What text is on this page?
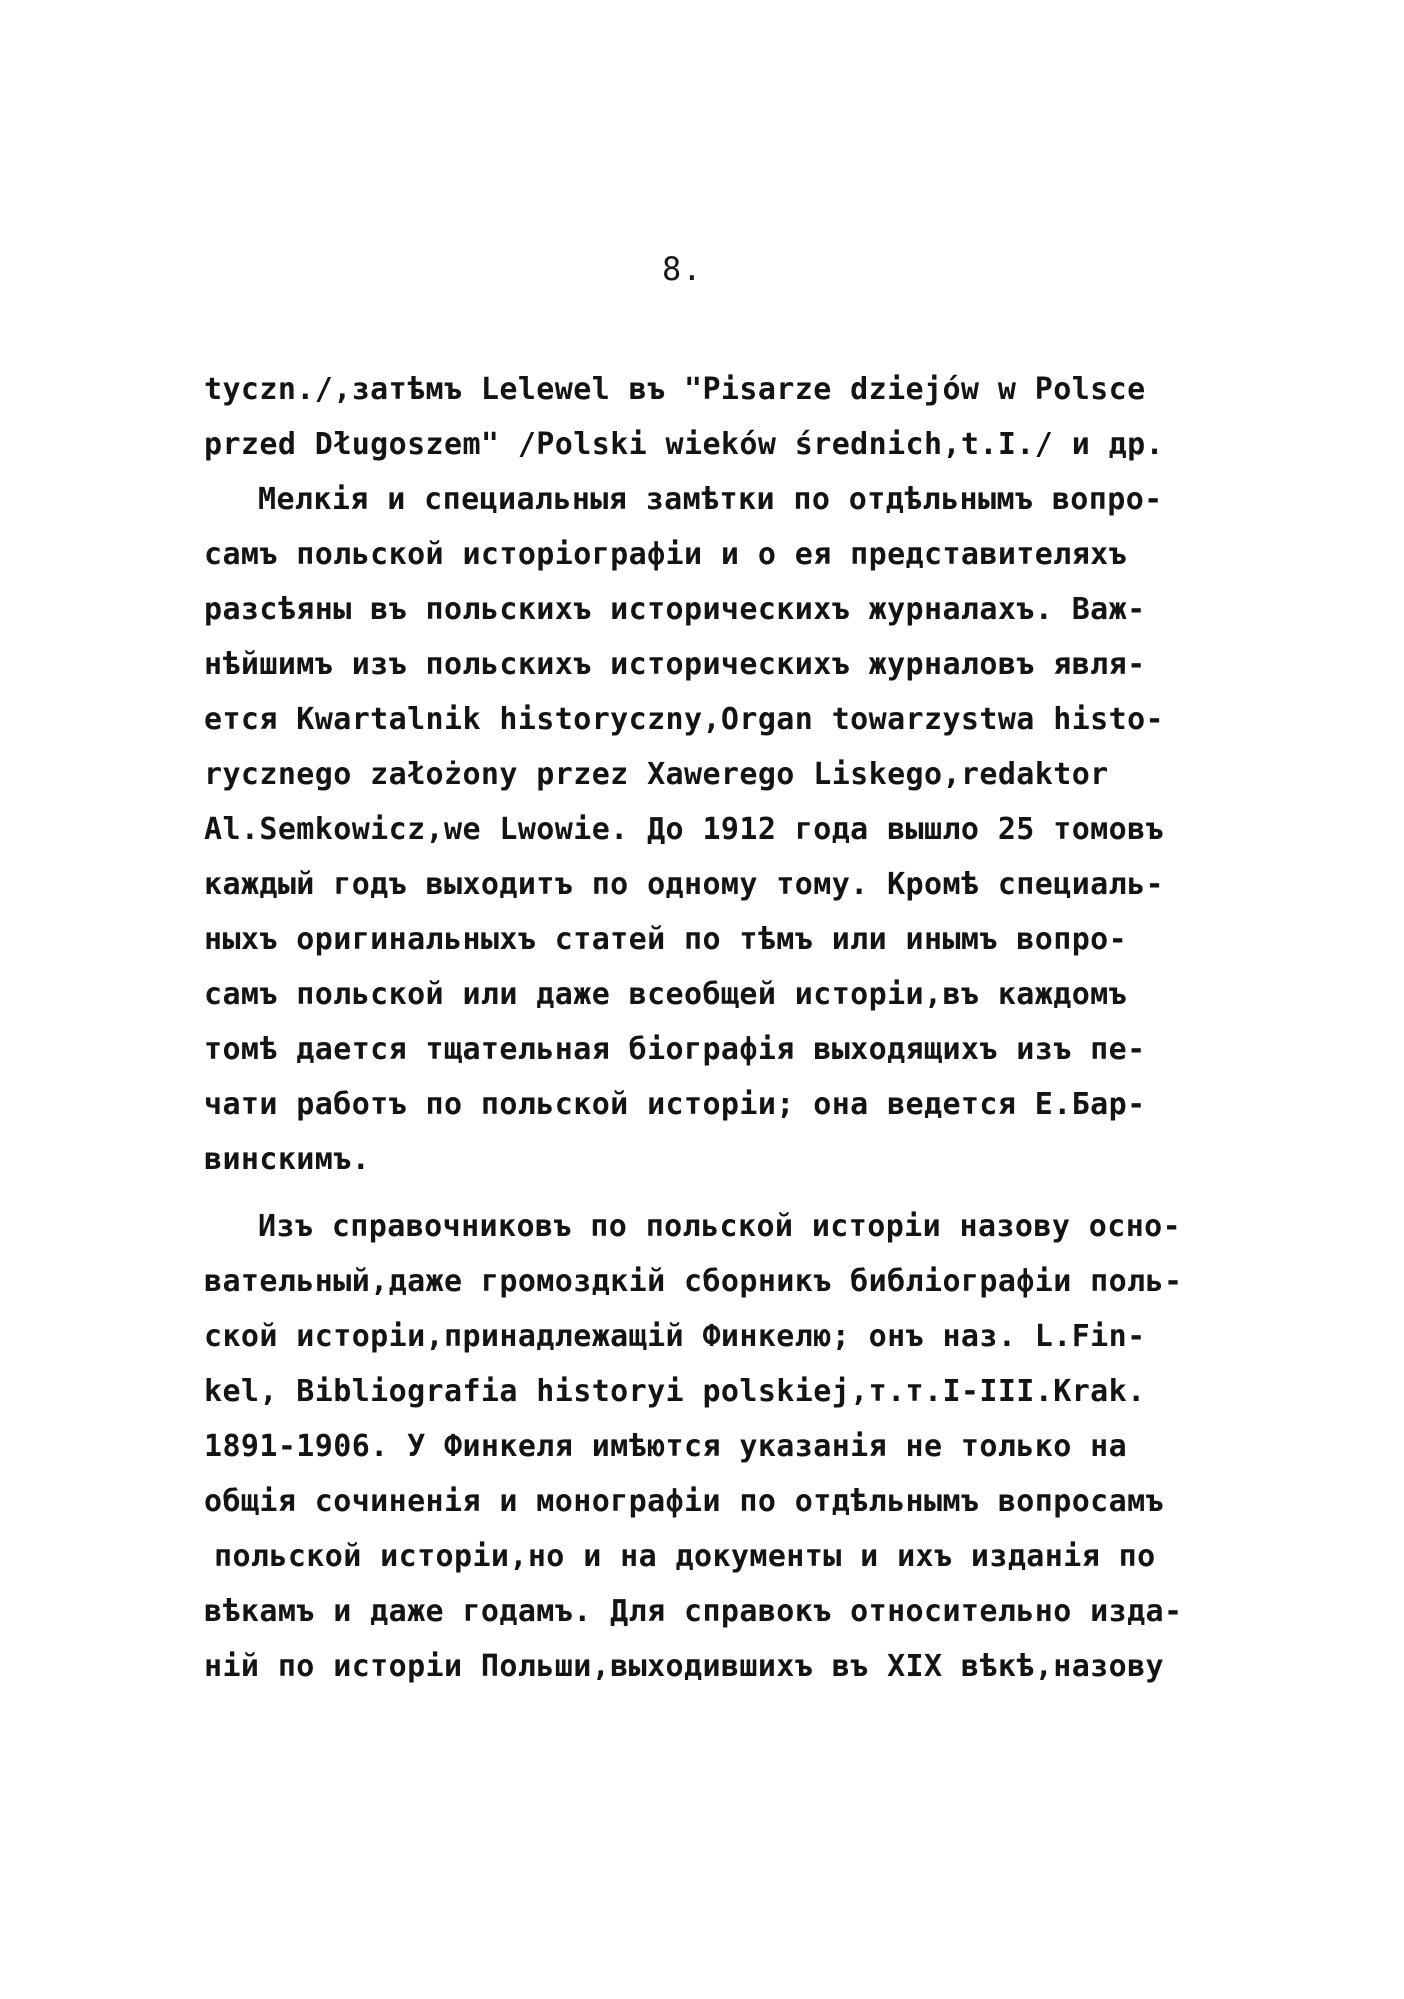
8.
tyczn./,затѣмъ Lelewel въ "Pisarze dziejów w Polsce
przed Długoszem" /Polski wieków średnich,t.I./ и др.
Мелкія и специальныя замѣтки по отдѣльнымъ вопро-
самъ польской исторiографiи и о ея представителяхъ
разсѣяны въ польскихъ историческихъ журналахъ. Важ-
нѣйшимъ изъ польскихъ историческихъ журналовъ явля-
ется Kwartalnik historyczny,Organ towarzystwa histo-
rycznego założony przez Xawerego Liskego,redaktor
Al.Semkowicz,we Lwowie. До 1912 года вышло 25 томовъ
каждый годъ выходитъ по одному тому. Кромѣ специаль-
ныхъ оригинальныхъ статей по тѣмъ или инымъ вопро-
самъ польской или даже всеобщей исторiи,въ каждомъ
томѣ дается тщательная бiографiя выходящихъ изъ пе-
чати работъ по польской исторiи; она ведется Е.Бар-
винскимъ.
Изъ справочниковъ по польской исторiи назову осно-
вательный,даже громоздкiй сборникъ библiографiи поль-
ской исторiи,принадлежащiй Финкелю; онъ наз. L.Fin-
kel, Bibliografia historyi polskiej,т.т.I-III.Krak.
1891-1906. У Финкеля имѣются указанiя не только на
общiя сочиненiя и монографiи по отдѣльнымъ вопросамъ
польской исторiи,но и на документы и ихъ изданiя по
вѣкамъ и даже годамъ. Для справокъ относительно изда-
нiй по исторiи Польши,выходившихъ въ XIX вѣкѣ,назову
